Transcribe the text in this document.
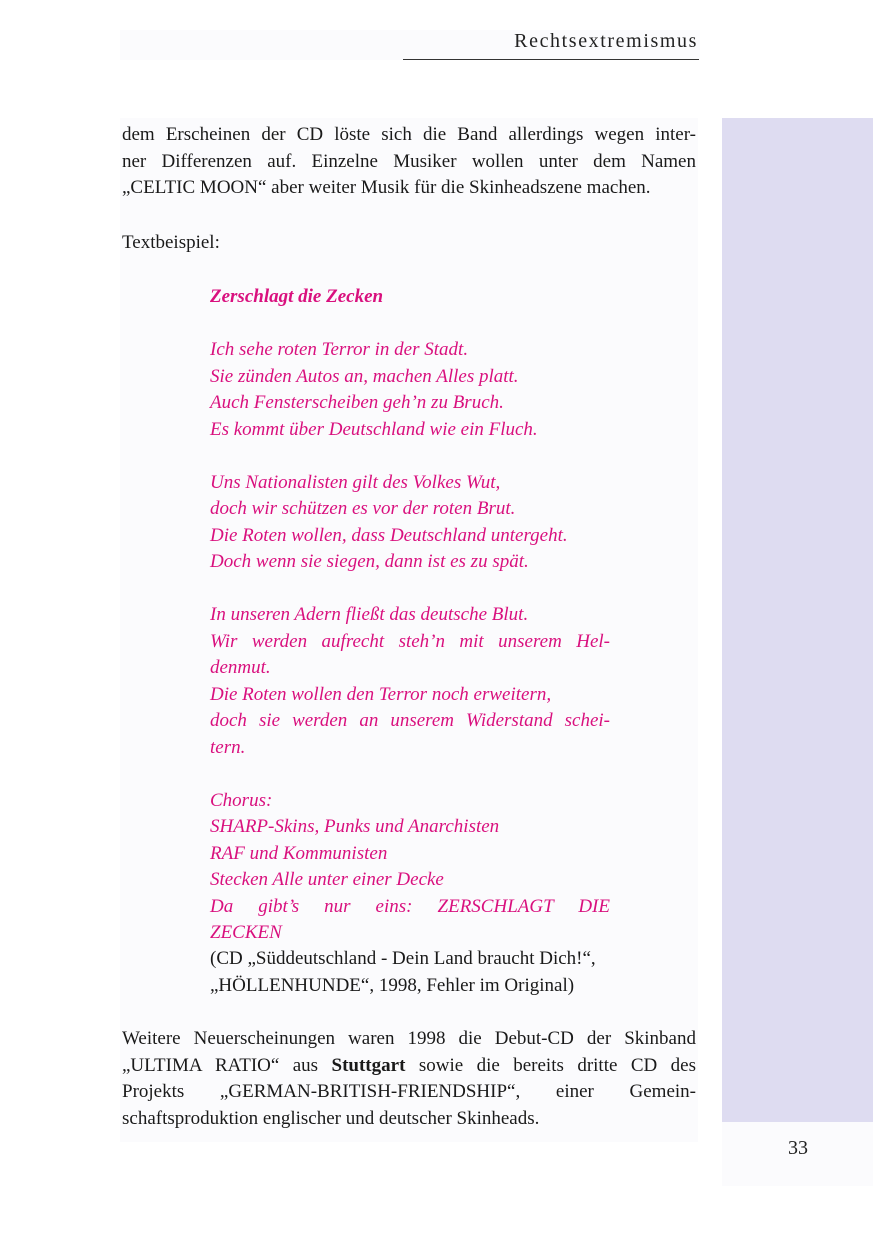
Rechtsextremismus
33
dem Erscheinen der CD löste sich die Band allerdings wegen inter-
ner Differenzen auf. Einzelne Musiker wollen unter dem Namen
„CELTIC MOON“ aber weiter Musik für die Skinheadszene machen.
Textbeispiel:
Zerschlagt die Zecken
Ich sehe roten Terror in der Stadt.
Sie zünden Autos an, machen Alles platt.
Auch Fensterscheiben geh’n zu Bruch.
Es kommt über Deutschland wie ein Fluch.
Uns Nationalisten gilt des Volkes Wut,
doch wir schützen es vor der roten Brut.
Die Roten wollen, dass Deutschland untergeht.
Doch wenn sie siegen, dann ist es zu spät.
In unseren Adern fließt das deutsche Blut.
Wir werden aufrecht steh’n mit unserem Hel-
denmut.
Die Roten wollen den Terror noch erweitern,
doch sie werden an unserem Widerstand schei-
tern.
Chorus:
SHARP-Skins, Punks und Anarchisten
RAF und Kommunisten
Stecken Alle unter einer Decke
Da gibt’s nur eins: ZERSCHLAGT DIE
ZECKEN
(CD „Süddeutschland - Dein Land braucht Dich!“,
„HÖLLENHUNDE“, 1998, Fehler im Original)
Weitere Neuerscheinungen waren 1998 die Debut-CD der Skinband
„ULTIMA RATIO“ aus Stuttgart sowie die bereits dritte CD des
Projekts „GERMAN-BRITISH-FRIENDSHIP“, einer Gemein-
schaftsproduktion englischer und deutscher Skinheads.
